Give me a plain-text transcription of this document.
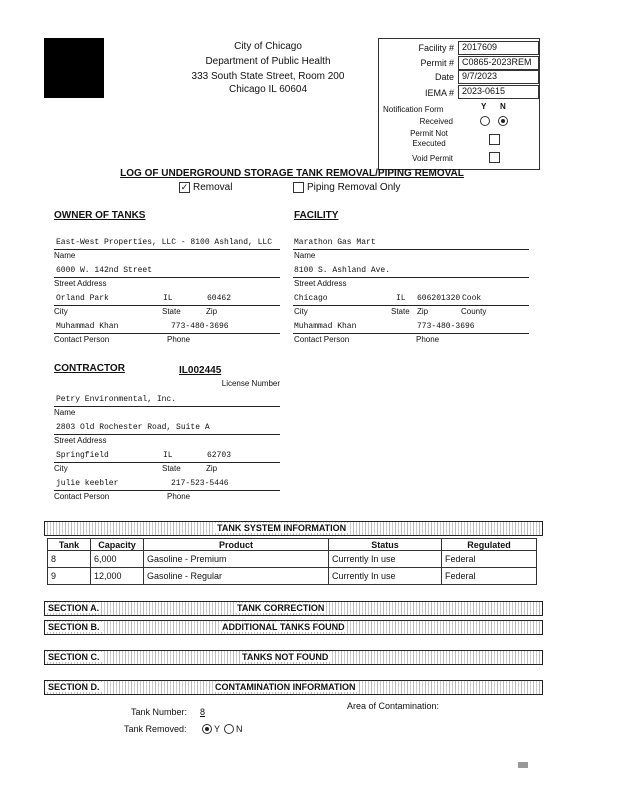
City of Chicago
Department of Public Health
333 South State Street, Room 200
Chicago IL 60604
Facility # 2017609
Permit # C0865-2023REM
Date 9/7/2023
IEMA # 2023-0615
Notification Form	Y N
Received
Permit Not Executed
Void Permit
LOG OF UNDERGROUND STORAGE TANK REMOVAL/PIPING REMOVAL
✓ Removal	Piping Removal Only
OWNER OF TANKS
East-West Properties, LLC - 8100 Ashland, LLC
Name
6000 W. 142nd Street
Street Address
Orland Park	IL	60462
City	State	Zip
Muhammad Khan	773-480-3696
Contact Person	Phone
FACILITY
Marathon Gas Mart
Name
8100 S. Ashland Ave.
Street Address
Chicago	IL 606201320 Cook
City	State Zip	County
Muhammad Khan	773-480-3696
Contact Person	Phone
CONTRACTOR	IL002445
License Number
Petry Environmental, Inc.
Name
2803 Old Rochester Road, Suite A
Street Address
Springfield	IL	62703
City	State	Zip
julie keebler	217-523-5446
Contact Person	Phone
TANK SYSTEM INFORMATION
Tank	Capacity	Product	Status	Regulated
8	6,000	Gasoline - Premium	Currently In use	Federal
9	12,000	Gasoline - Regular	Currently In use	Federal
SECTION A.	TANK CORRECTION
SECTION B.	ADDITIONAL TANKS FOUND
SECTION C.	TANKS NOT FOUND
SECTION D.	CONTAMINATION INFORMATION
Area of Contamination:
Tank Number: 8
Tank Removed:	Y N
